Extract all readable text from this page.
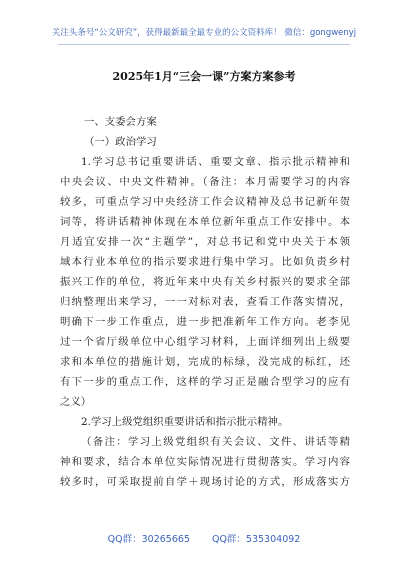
关注头条号“公文研究”，获得最新最全最专业的公文资料库！ 微信：gongwenyj
2025年1月“三会一课”方案方案参考
一、支委会方案
（一）政治学习
1.学习总书记重要讲话、重要文章、指示批示精神和
中央会议、中央文件精神。（备注：本月需要学习的内容
较多，可重点学习中央经济工作会议精神及总书记新年贺
词等，将讲话精神体现在本单位新年重点工作安排中。本
月适宜安排一次“主题学”，对总书记和党中央关于本领
域本行业本单位的指示要求进行集中学习。比如负责乡村
振兴工作的单位，将近年来中央有关乡村振兴的要求全部
归纳整理出来学习，一一对标对表，查看工作落实情况，
明确下一步工作重点，进一步把准新年工作方向。老李见
过一个省厅级单位中心组学习材料，上面详细列出上级要
求和本单位的措施计划，完成的标绿，没完成的标红，还
有下一步的重点工作，这样的学习正是融合型学习的应有
之义）
2.学习上级党组织重要讲话和指示批示精神。
（备注：学习上级党组织有关会议、文件、讲话等精
神和要求，结合本单位实际情况进行贯彻落实。学习内容
较多时，可采取提前自学＋现场讨论的方式，形成落实方
QQ群：30265665 QQ群：535304092
